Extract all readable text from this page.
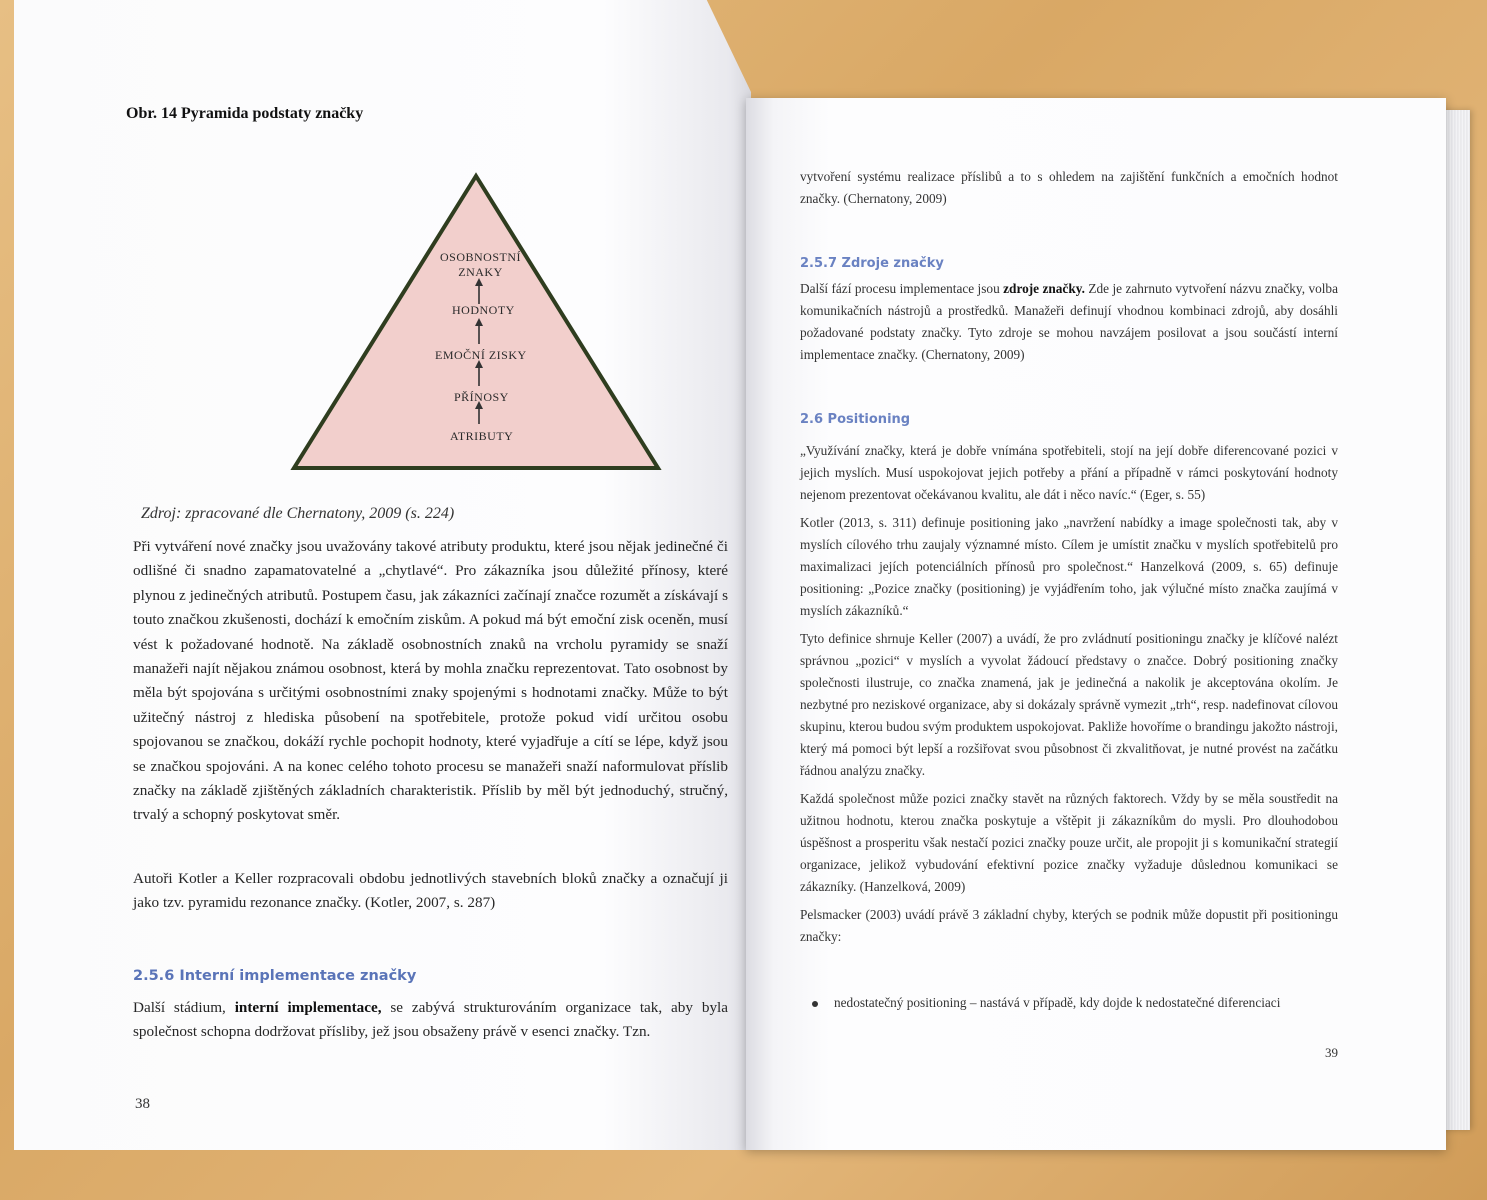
Obr. 14 Pyramida podstaty značky
OSOBNOSTNÍ
ZNAKY
HODNOTY
EMOČNÍ ZISKY
PŘÍNOSY
ATRIBUTY
Zdroj: zpracované dle Chernatony, 2009 (s. 224)

Při vytváření nové značky jsou uvažovány takové atributy produktu, které jsou nějak jedinečné či odlišné či snadno zapamatovatelné a „chytlavé“. Pro zákazníka jsou důležité přínosy, které plynou z jedinečných atributů. Postupem času, jak zákazníci začínají značce rozumět a získávají s touto značkou zkušenosti, dochází k emočním ziskům. A pokud má být emoční zisk oceněn, musí vést k požadované hodnotě. Na základě osobnostních znaků na vrcholu pyramidy se snaží manažeři najít nějakou známou osobnost, která by mohla značku reprezentovat. Tato osobnost by měla být spojována s určitými osobnostními znaky spojenými s hodnotami značky. Může to být užitečný nástroj z hlediska působení na spotřebitele, protože pokud vidí určitou osobu spojovanou se značkou, dokáží rychle pochopit hodnoty, které vyjadřuje a cítí se lépe, když jsou se značkou spojováni. A na konec celého tohoto procesu se manažeři snaží naformulovat příslib značky na základě zjištěných základních charakteristik. Příslib by měl být jednoduchý, stručný, trvalý a schopný poskytovat směr.

Autoři Kotler a Keller rozpracovali obdobu jednotlivých stavebních bloků značky a označují ji jako tzv. pyramidu rezonance značky. (Kotler, 2007, s. 287)

2.5.6 Interní implementace značky

Další stádium, interní implementace, se zabývá strukturováním organizace tak, aby byla společnost schopna dodržovat přísliby, jež jsou obsaženy právě v esenci značky. Tzn.

38

vytvoření systému realizace příslibů a to s ohledem na zajištění funkčních a emočních hodnot značky. (Chernatony, 2009)

2.5.7 Zdroje značky

Další fází procesu implementace jsou zdroje značky. Zde je zahrnuto vytvoření názvu značky, volba komunikačních nástrojů a prostředků. Manažeři definují vhodnou kombinaci zdrojů, aby dosáhli požadované podstaty značky. Tyto zdroje se mohou navzájem posilovat a jsou součástí interní implementace značky. (Chernatony, 2009)

2.6 Positioning

„Využívání značky, která je dobře vnímána spotřebiteli, stojí na její dobře diferencované pozici v jejich myslích. Musí uspokojovat jejich potřeby a přání a případně v rámci poskytování hodnoty nejenom prezentovat očekávanou kvalitu, ale dát i něco navíc.“ (Eger, s. 55)

Kotler (2013, s. 311) definuje positioning jako „navržení nabídky a image společnosti tak, aby v myslích cílového trhu zaujaly významné místo. Cílem je umístit značku v myslích spotřebitelů pro maximalizaci jejích potenciálních přínosů pro společnost.“ Hanzelková (2009, s. 65) definuje positioning: „Pozice značky (positioning) je vyjádřením toho, jak výlučné místo značka zaujímá v myslích zákazníků.“

Tyto definice shrnuje Keller (2007) a uvádí, že pro zvládnutí positioningu značky je klíčové nalézt správnou „pozici“ v myslích a vyvolat žádoucí představy o značce. Dobrý positioning značky společnosti ilustruje, co značka znamená, jak je jedinečná a nakolik je akceptována okolím. Je nezbytné pro neziskové organizace, aby si dokázaly správně vymezit „trh“, resp. nadefinovat cílovou skupinu, kterou budou svým produktem uspokojovat. Pakliže hovoříme o brandingu jakožto nástroji, který má pomoci být lepší a rozšiřovat svou působnost či zkvalitňovat, je nutné provést na začátku řádnou analýzu značky.

Každá společnost může pozici značky stavět na různých faktorech. Vždy by se měla soustředit na užitnou hodnotu, kterou značka poskytuje a vštěpit ji zákazníkům do mysli. Pro dlouhodobou úspěšnost a prosperitu však nestačí pozici značky pouze určit, ale propojit ji s komunikační strategií organizace, jelikož vybudování efektivní pozice značky vyžaduje důslednou komunikaci se zákazníky. (Hanzelková, 2009)

Pelsmacker (2003) uvádí právě 3 základní chyby, kterých se podnik může dopustit při positioningu značky:

nedostatečný positioning – nastává v případě, kdy dojde k nedostatečné diferenciaci
39
